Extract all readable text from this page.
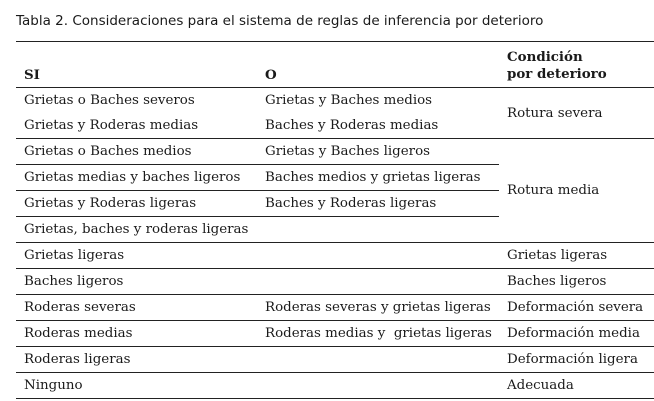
Tabla 2. Consideraciones para el sistema de reglas de inferencia por deterioro
SI	O	Condición
por deterioro
Grietas o Baches severos	Grietas y Baches medios	Rotura severa
Grietas y Roderas medias	Baches y Roderas medias	
Grietas o Baches medios	Grietas y Baches ligeros	Rotura media
Grietas medias y baches ligeros	Baches medios y grietas ligeras	
Grietas y Roderas ligeras	Baches y Roderas ligeras	
Grietas, baches y roderas ligeras		
Grietas ligeras		Grietas ligeras
Baches ligeros		Baches ligeros
Roderas severas	Roderas severas y grietas ligeras	Deformación severa
Roderas medias	Roderas medias y  grietas ligeras	Deformación media
Roderas ligeras		Deformación ligera
Ninguno		Adecuada
